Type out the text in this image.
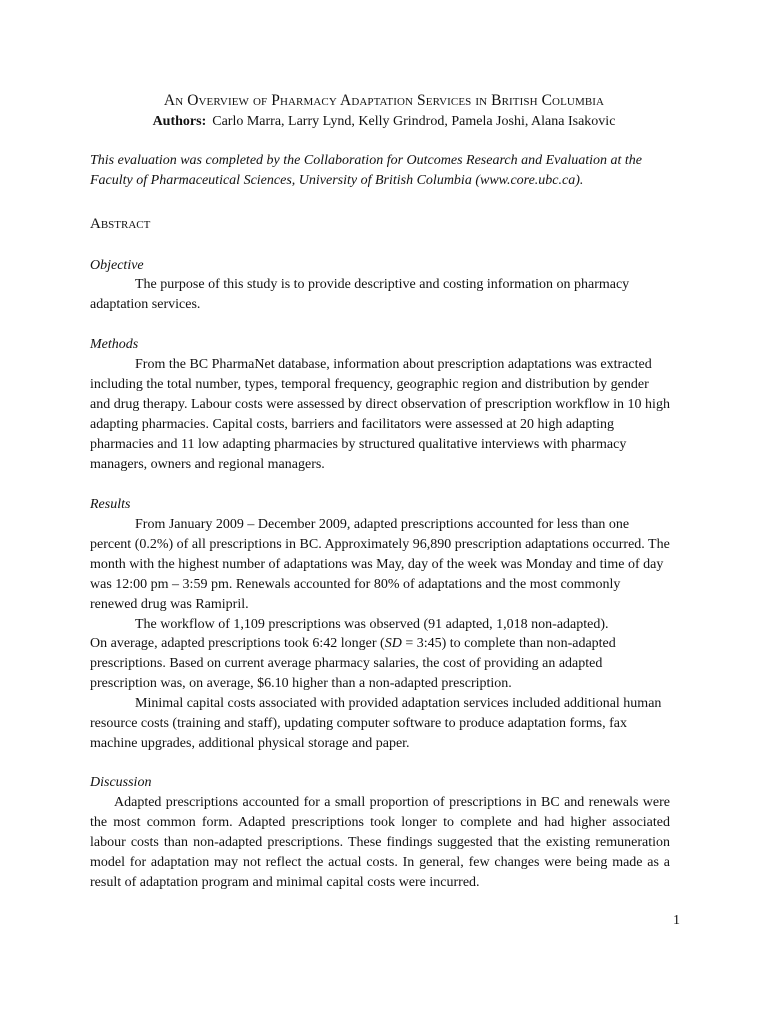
An Overview of Pharmacy Adaptation Services in British Columbia
Authors: Carlo Marra, Larry Lynd, Kelly Grindrod, Pamela Joshi, Alana Isakovic
This evaluation was completed by the Collaboration for Outcomes Research and Evaluation at the Faculty of Pharmaceutical Sciences, University of British Columbia (www.core.ubc.ca).
Abstract
Objective
The purpose of this study is to provide descriptive and costing information on pharmacy adaptation services.
Methods
From the BC PharmaNet database, information about prescription adaptations was extracted including the total number, types, temporal frequency, geographic region and distribution by gender and drug therapy. Labour costs were assessed by direct observation of prescription workflow in 10 high adapting pharmacies. Capital costs, barriers and facilitators were assessed at 20 high adapting pharmacies and 11 low adapting pharmacies by structured qualitative interviews with pharmacy managers, owners and regional managers.
Results
From January 2009 – December 2009, adapted prescriptions accounted for less than one percent (0.2%) of all prescriptions in BC. Approximately 96,890 prescription adaptations occurred. The month with the highest number of adaptations was May, day of the week was Monday and time of day was 12:00 pm – 3:59 pm. Renewals accounted for 80% of adaptations and the most commonly renewed drug was Ramipril.
The workflow of 1,109 prescriptions was observed (91 adapted, 1,018 non-adapted).
On average, adapted prescriptions took 6:42 longer (SD = 3:45) to complete than non-adapted prescriptions. Based on current average pharmacy salaries, the cost of providing an adapted prescription was, on average, $6.10 higher than a non-adapted prescription.
Minimal capital costs associated with provided adaptation services included additional human resource costs (training and staff), updating computer software to produce adaptation forms, fax machine upgrades, additional physical storage and paper.
Discussion
Adapted prescriptions accounted for a small proportion of prescriptions in BC and renewals were the most common form. Adapted prescriptions took longer to complete and had higher associated labour costs than non-adapted prescriptions. These findings suggested that the existing remuneration model for adaptation may not reflect the actual costs. In general, few changes were being made as a result of adaptation program and minimal capital costs were incurred.
1
